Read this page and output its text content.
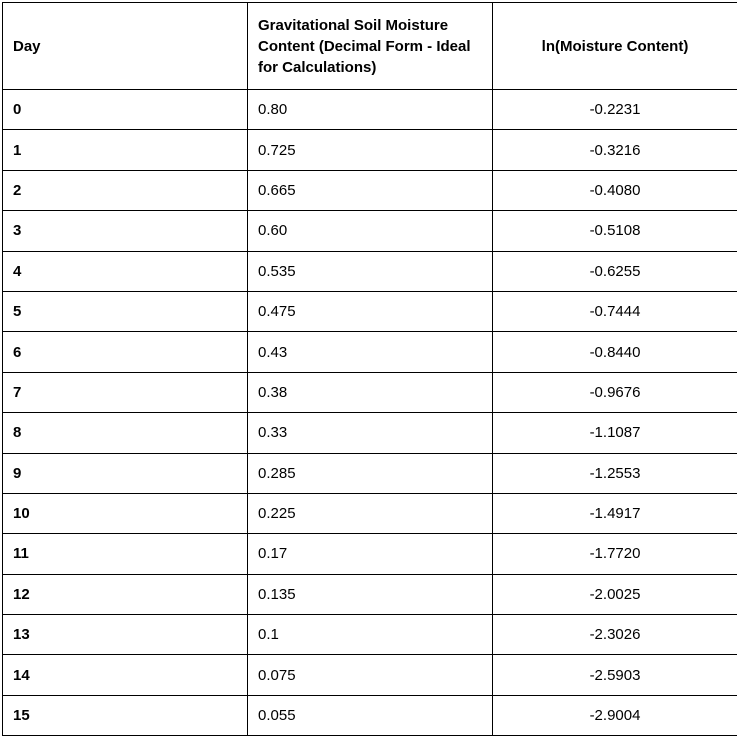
Day	Gravitational Soil Moisture Content (Decimal Form - Ideal for Calculations)	ln(Moisture Content)
0	0.80	-0.2231
1	0.725	-0.3216
2	0.665	-0.4080
3	0.60	-0.5108
4	0.535	-0.6255
5	0.475	-0.7444
6	0.43	-0.8440
7	0.38	-0.9676
8	0.33	-1.1087
9	0.285	-1.2553
10	0.225	-1.4917
11	0.17	-1.7720
12	0.135	-2.0025
13	0.1	-2.3026
14	0.075	-2.5903
15	0.055	-2.9004
